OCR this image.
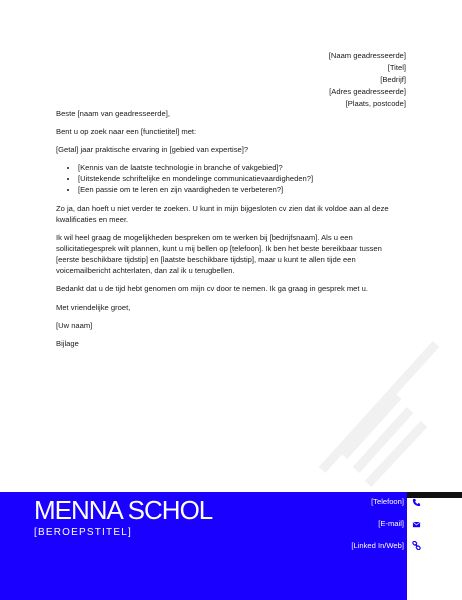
[Naam geadresseerde]
[Titel]
[Bedrijf]
[Adres geadresseerde]
[Plaats, postcode]

Beste [naam van geadresseerde],

Bent u op zoek naar een [functietitel] met:

[Getal] jaar praktische ervaring in [gebied van expertise]?

• [Kennis van de laatste technologie in branche of vakgebied]?
• [Uitstekende schriftelijke en mondelinge communicatievaardigheden?]
• [Een passie om te leren en zijn vaardigheden te verbeteren?]

Zo ja, dan hoeft u niet verder te zoeken. U kunt in mijn bijgesloten cv zien dat ik voldoe aan al deze kwalificaties en meer.

Ik wil heel graag de mogelijkheden bespreken om te werken bij [bedrijfsnaam]. Als u een sollicitatiegesprek wilt plannen, kunt u mij bellen op [telefoon]. Ik ben het beste bereikbaar tussen [eerste beschikbare tijdstip] en [laatste beschikbare tijdstip], maar u kunt te allen tijde een voicemailbericht achterlaten, dan zal ik u terugbellen.

Bedankt dat u de tijd hebt genomen om mijn cv door te nemen. Ik ga graag in gesprek met u.

Met vriendelijke groet,
[Uw naam]
Bijlage
MENNA SCHOL
[BEROEPSTITEL]
[Telefoon]
[E-mail]
[Linked In/Web]
